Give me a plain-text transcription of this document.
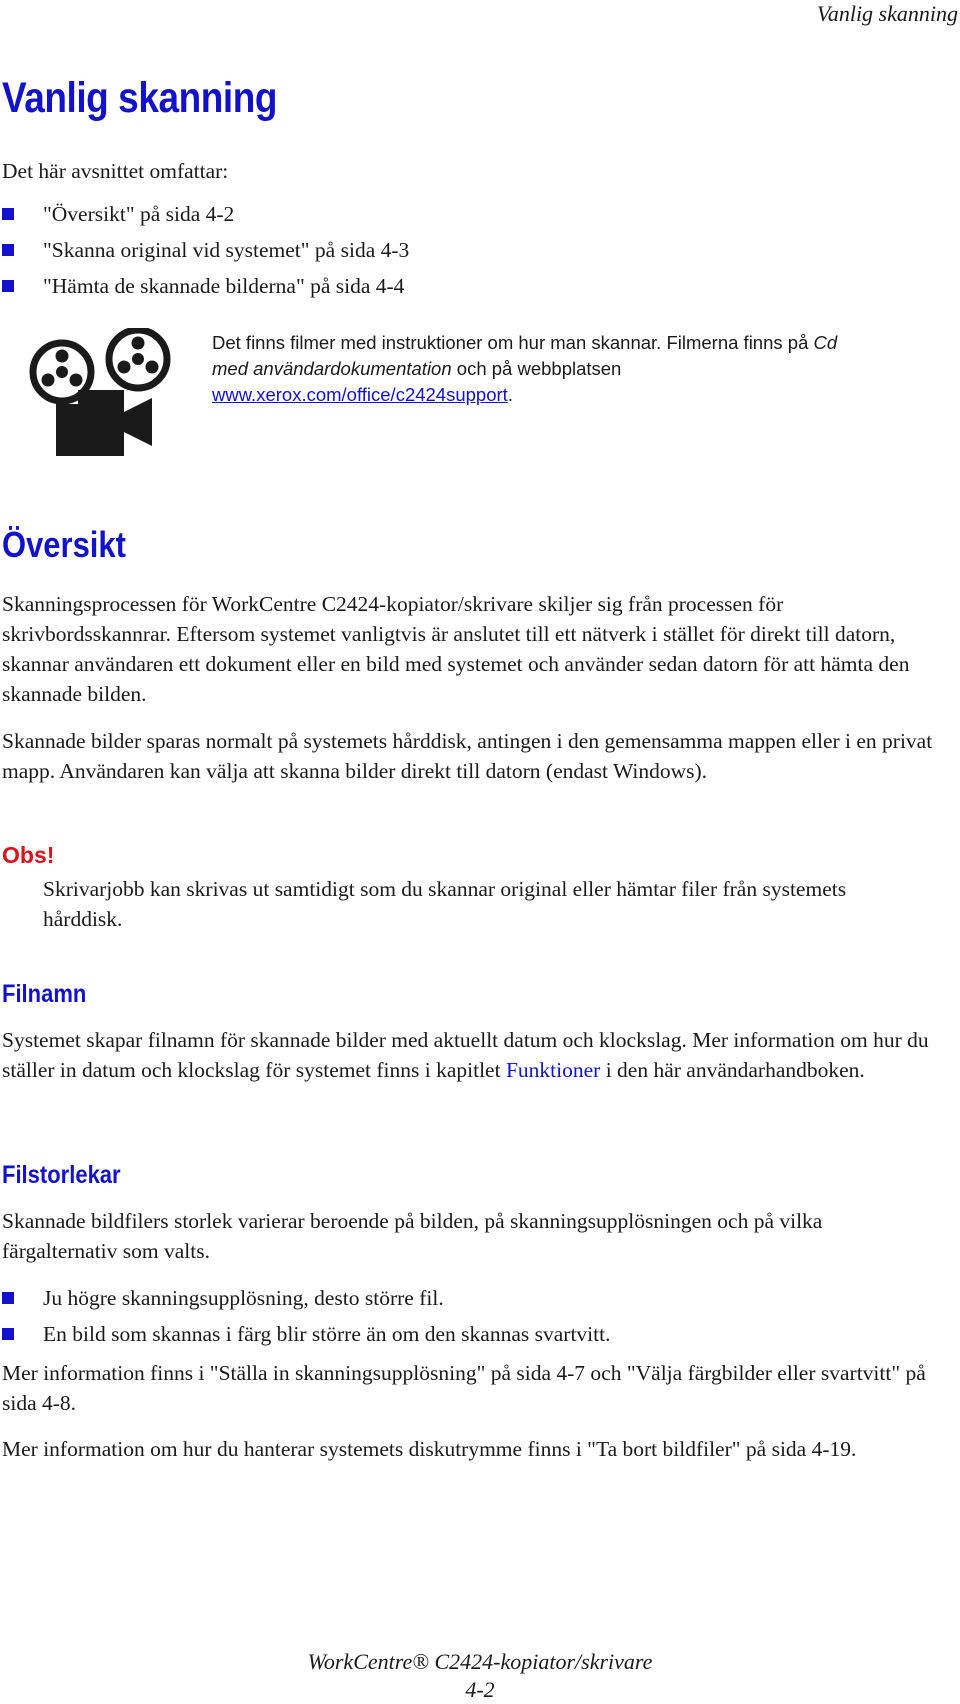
Vanlig skanning
Vanlig skanning

Det här avsnittet omfattar:

"Översikt" på sida 4-2
"Skanna original vid systemet" på sida 4-3
"Hämta de skannade bilderna" på sida 4-4
Det finns filmer med instruktioner om hur man skannar. Filmerna finns på Cd med användardokumentation och på webbplatsen
www.xerox.com/office/c2424support.
Översikt

Skanningsprocessen för WorkCentre C2424-kopiator/skrivare skiljer sig från processen för skrivbordsskannrar. Eftersom systemet vanligtvis är anslutet till ett nätverk i stället för direkt till datorn, skannar användaren ett dokument eller en bild med systemet och använder sedan datorn för att hämta den skannade bilden.

Skannade bilder sparas normalt på systemets hårddisk, antingen i den gemensamma mappen eller i en privat mapp. Användaren kan välja att skanna bilder direkt till datorn (endast Windows).

Obs!

Skrivarjobb kan skrivas ut samtidigt som du skannar original eller hämtar filer från systemets hårddisk.

Filnamn

Systemet skapar filnamn för skannade bilder med aktuellt datum och klockslag. Mer information om hur du ställer in datum och klockslag för systemet finns i kapitlet Funktioner i den här användarhandboken.

Filstorlekar

Skannade bildfilers storlek varierar beroende på bilden, på skanningsupplösningen och på vilka färgalternativ som valts.

Ju högre skanningsupplösning, desto större fil.
En bild som skannas i färg blir större än om den skannas svartvitt.

Mer information finns i "Ställa in skanningsupplösning" på sida 4-7 och "Välja färgbilder eller svartvitt" på sida 4-8.

Mer information om hur du hanterar systemets diskutrymme finns i "Ta bort bildfiler" på sida 4-19.

WorkCentre® C2424-kopiator/skrivare
4-2
